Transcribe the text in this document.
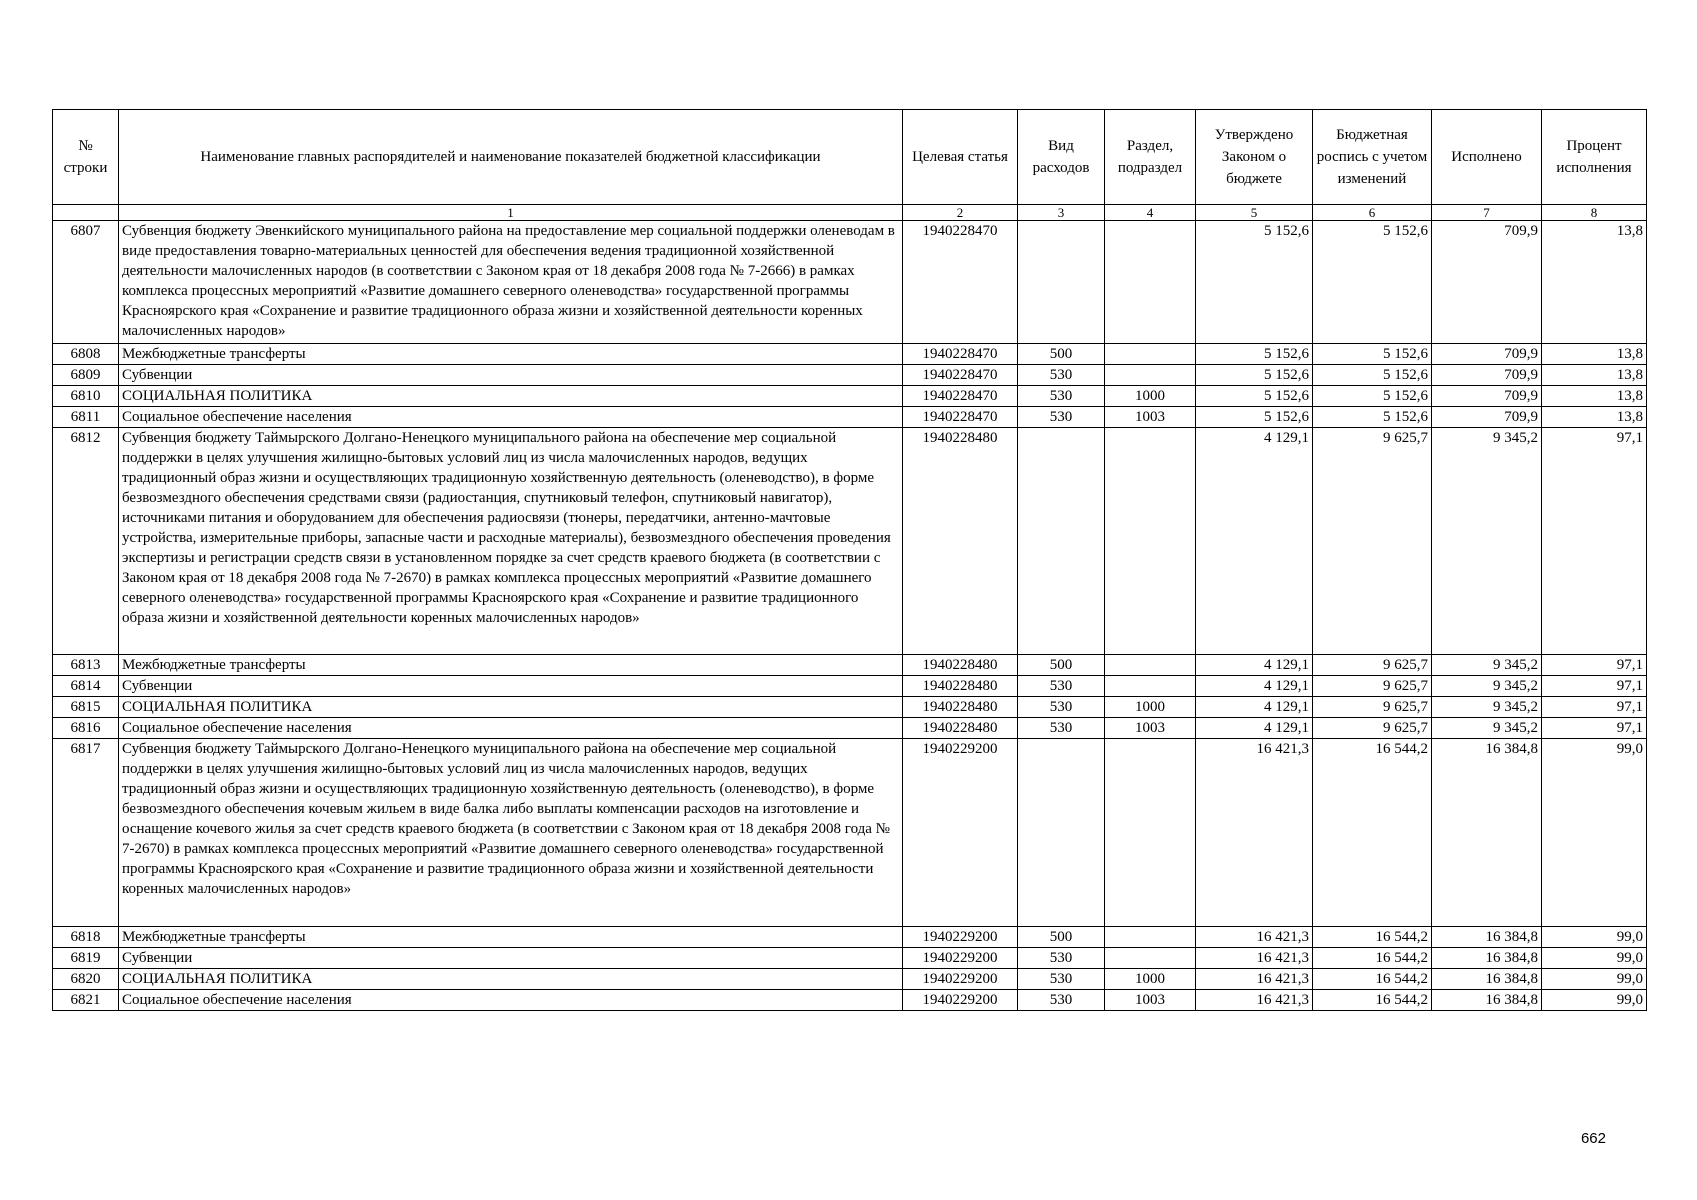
№ строки	Наименование главных распорядителей и наименование показателей бюджетной классификации	Целевая статья	Вид расходов	Раздел, подраздел	Утверждено Законом о бюджете	Бюджетная роспись с учетом изменений	Исполнено	Процент исполнения
	1	2	3	4	5	6	7	8
6807	Субвенция бюджету Эвенкийского муниципального района на предоставление мер социальной поддержки оленеводам в виде предоставления товарно-материальных ценностей для обеспечения ведения традиционной хозяйственной деятельности малочисленных народов (в соответствии с Законом края от 18 декабря 2008 года № 7-2666) в рамках комплекса процессных мероприятий «Развитие домашнего северного оленеводства» государственной программы Красноярского края «Сохранение и развитие традиционного образа жизни и хозяйственной деятельности коренных малочисленных народов»	1940228470			5 152,6	5 152,6	709,9	13,8
6808	Межбюджетные трансферты	1940228470	500		5 152,6	5 152,6	709,9	13,8
6809	Субвенции	1940228470	530		5 152,6	5 152,6	709,9	13,8
6810	СОЦИАЛЬНАЯ ПОЛИТИКА	1940228470	530	1000	5 152,6	5 152,6	709,9	13,8
6811	Социальное обеспечение населения	1940228470	530	1003	5 152,6	5 152,6	709,9	13,8
6812	Субвенция бюджету Таймырского Долгано-Ненецкого муниципального района на обеспечение мер социальной поддержки в целях улучшения жилищно-бытовых условий лиц из числа малочисленных народов, ведущих традиционный образ жизни и осуществляющих традиционную хозяйственную деятельность (оленеводство), в форме безвозмездного обеспечения средствами связи (радиостанция, спутниковый телефон, спутниковый навигатор), источниками питания и оборудованием для обеспечения радиосвязи (тюнеры, передатчики, антенно-мачтовые устройства, измерительные приборы, запасные части и расходные материалы), безвозмездного обеспечения проведения экспертизы и регистрации средств связи в установленном порядке за счет средств краевого бюджета (в соответствии с Законом края от 18 декабря 2008 года № 7-2670) в рамках комплекса процессных мероприятий «Развитие домашнего северного оленеводства» государственной программы Красноярского края «Сохранение и развитие традиционного образа жизни и хозяйственной деятельности коренных малочисленных народов»	1940228480			4 129,1	9 625,7	9 345,2	97,1
6813	Межбюджетные трансферты	1940228480	500		4 129,1	9 625,7	9 345,2	97,1
6814	Субвенции	1940228480	530		4 129,1	9 625,7	9 345,2	97,1
6815	СОЦИАЛЬНАЯ ПОЛИТИКА	1940228480	530	1000	4 129,1	9 625,7	9 345,2	97,1
6816	Социальное обеспечение населения	1940228480	530	1003	4 129,1	9 625,7	9 345,2	97,1
6817	Субвенция бюджету Таймырского Долгано-Ненецкого муниципального района на обеспечение мер социальной поддержки в целях улучшения жилищно-бытовых условий лиц из числа малочисленных народов, ведущих традиционный образ жизни и осуществляющих традиционную хозяйственную деятельность (оленеводство), в форме безвозмездного обеспечения кочевым жильем в виде балка либо выплаты компенсации расходов на изготовление и оснащение кочевого жилья за счет средств краевого бюджета (в соответствии с Законом края от 18 декабря 2008 года № 7-2670) в рамках комплекса процессных мероприятий «Развитие домашнего северного оленеводства» государственной программы Красноярского края «Сохранение и развитие традиционного образа жизни и хозяйственной деятельности коренных малочисленных народов»	1940229200			16 421,3	16 544,2	16 384,8	99,0
6818	Межбюджетные трансферты	1940229200	500		16 421,3	16 544,2	16 384,8	99,0
6819	Субвенции	1940229200	530		16 421,3	16 544,2	16 384,8	99,0
6820	СОЦИАЛЬНАЯ ПОЛИТИКА	1940229200	530	1000	16 421,3	16 544,2	16 384,8	99,0
6821	Социальное обеспечение населения	1940229200	530	1003	16 421,3	16 544,2	16 384,8	99,0
662
